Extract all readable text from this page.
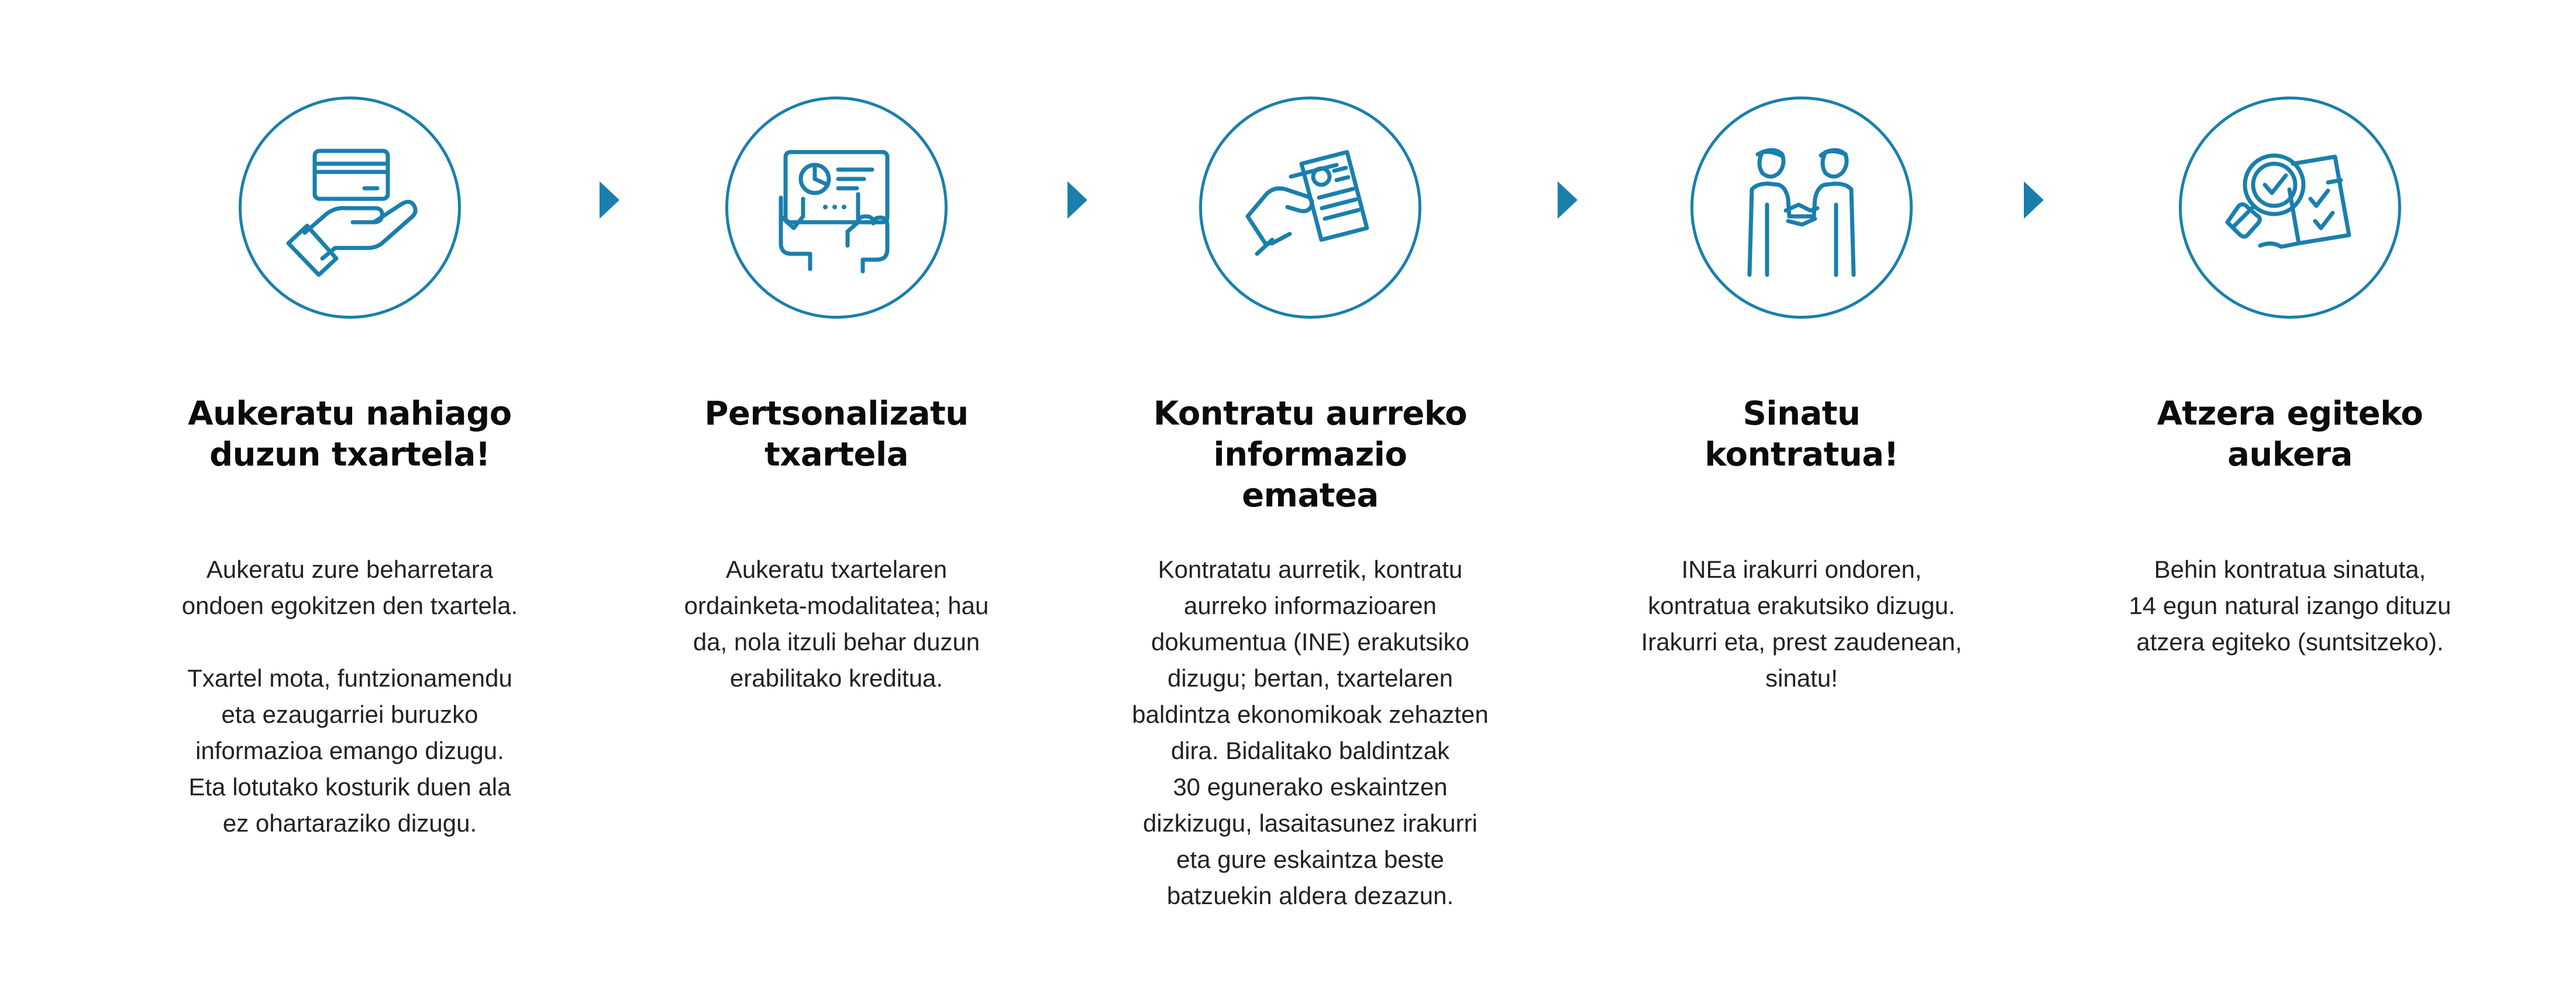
Aukeratu nahiago
duzun txartela!

Aukeratu zure beharretara
ondoen egokitzen den txartela.

Txartel mota, funtzionamendu
eta ezaugarriei buruzko
informazioa emango dizugu.
Eta lotutako kosturik duen ala
ez ohartaraziko dizugu.

Pertsonalizatu
txartela

Aukeratu txartelaren
ordainketa-modalitatea; hau
da, nola itzuli behar duzun
erabilitako kreditua.

Kontratu aurreko
informazio
ematea

Kontratatu aurretik, kontratu
aurreko informazioaren
dokumentua (INE) erakutsiko
dizugu; bertan, txartelaren
baldintza ekonomikoak zehazten
dira. Bidalitako baldintzak
30 egunerako eskaintzen
dizkizugu, lasaitasunez irakurri
eta gure eskaintza beste
batzuekin aldera dezazun.

Sinatu
kontratua!

INEa irakurri ondoren,
kontratua erakutsiko dizugu.
Irakurri eta, prest zaudenean,
sinatu!

Atzera egiteko
aukera

Behin kontratua sinatuta,
14 egun natural izango dituzu
atzera egiteko (suntsitzeko).
